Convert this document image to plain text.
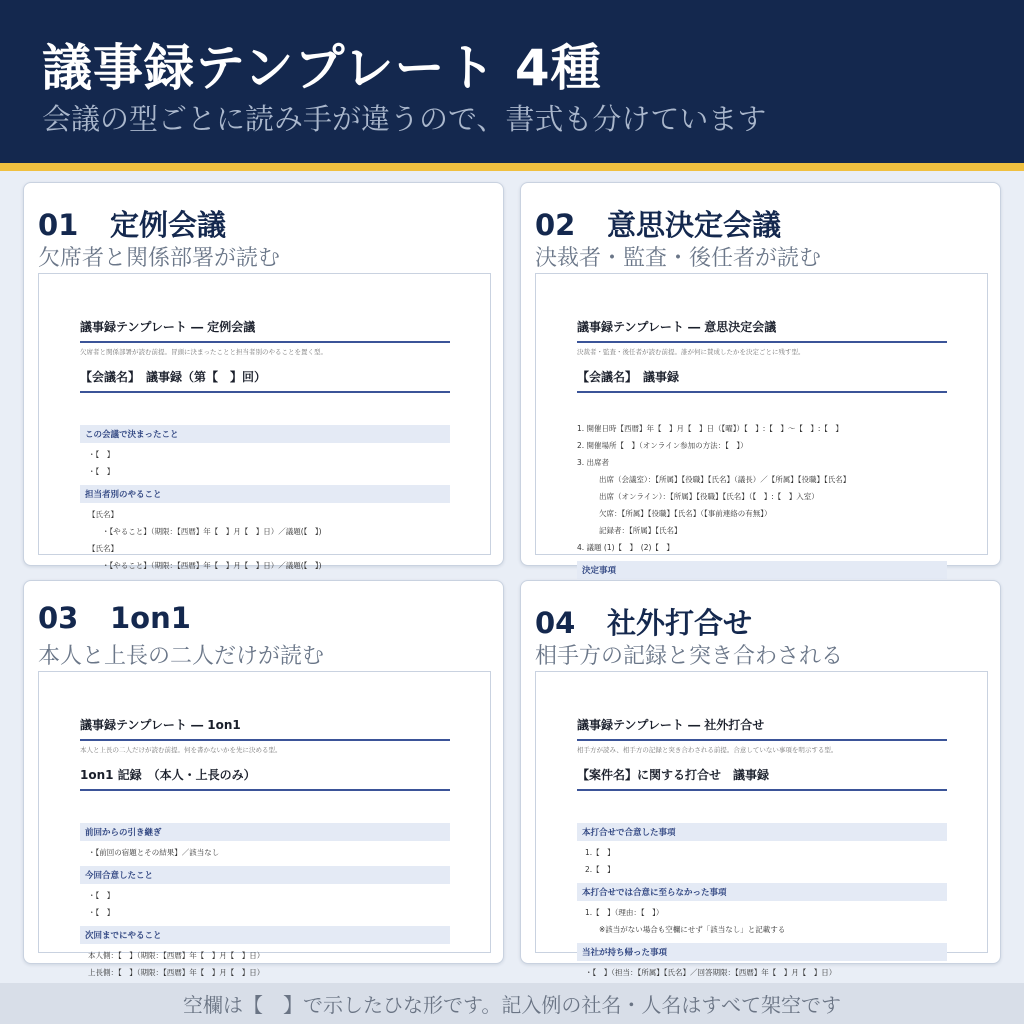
議事録テンプレート 4種
会議の型ごとに読み手が違うので、書式も分けています
01 定例会議
欠席者と関係部署が読む
議事録テンプレート ― 定例会議
欠席者と関係部署が読む前提。冒頭に決まったことと担当者別のやることを置く型。
【会議名】　議事録（第【　】回）
この会議で決まったこと
・【　】
・【　】
担当者別のやること
【氏名】
・【やること】（期限：【西暦】年【　】月【　】日）／議題(【　】)
【氏名】
・【やること】（期限：【西暦】年【　】月【　】日）／議題(【　】)
02 意思決定会議
決裁者・監査・後任者が読む
議事録テンプレート ― 意思決定会議
決裁者・監査・後任者が読む前提。誰が何に賛成したかを決定ごとに残す型。
【会議名】　議事録
1. 開催日時【西暦】年【　】月【　】日（【曜】）【　】:【　】〜【　】:【　】
2. 開催場所【　】（オンライン参加の方法：【　】）
3. 出席者
出席（会議室）：【所属】【役職】【氏名】（議長）／【所属】【役職】【氏名】
出席（オンライン）：【所属】【役職】【氏名】（【　】:【　】入室）
欠席：【所属】【役職】【氏名】（【事前連絡の有無】）
記録者：【所属】【氏名】
4. 議題 (1)【　】　(2)【　】
決定事項
03 1on1
本人と上長の二人だけが読む
議事録テンプレート ― 1on1
本人と上長の二人だけが読む前提。何を書かないかを先に決める型。
1on1 記録　（本人・上長のみ）
前回からの引き継ぎ
・【前回の宿題とその結果】／該当なし
今回合意したこと
・【　】
・【　】
次回までにやること
本人側：【　】（期限：【西暦】年【　】月【　】日）
上長側：【　】（期限：【西暦】年【　】月【　】日）
04 社外打合せ
相手方の記録と突き合わされる
議事録テンプレート ― 社外打合せ
相手方が読み、相手方の記録と突き合わされる前提。合意していない事項を明示する型。
【案件名】に関する打合せ　議事録
本打合せで合意した事項
1.【　】
2.【　】
本打合せでは合意に至らなかった事項
1.【　】（理由：【　】）
※該当がない場合も空欄にせず「該当なし」と記載する
当社が持ち帰った事項
・【　】（担当：【所属】【氏名】／回答期限：【西暦】年【　】月【　】日）
空欄は【　】で示したひな形です。記入例の社名・人名はすべて架空です
